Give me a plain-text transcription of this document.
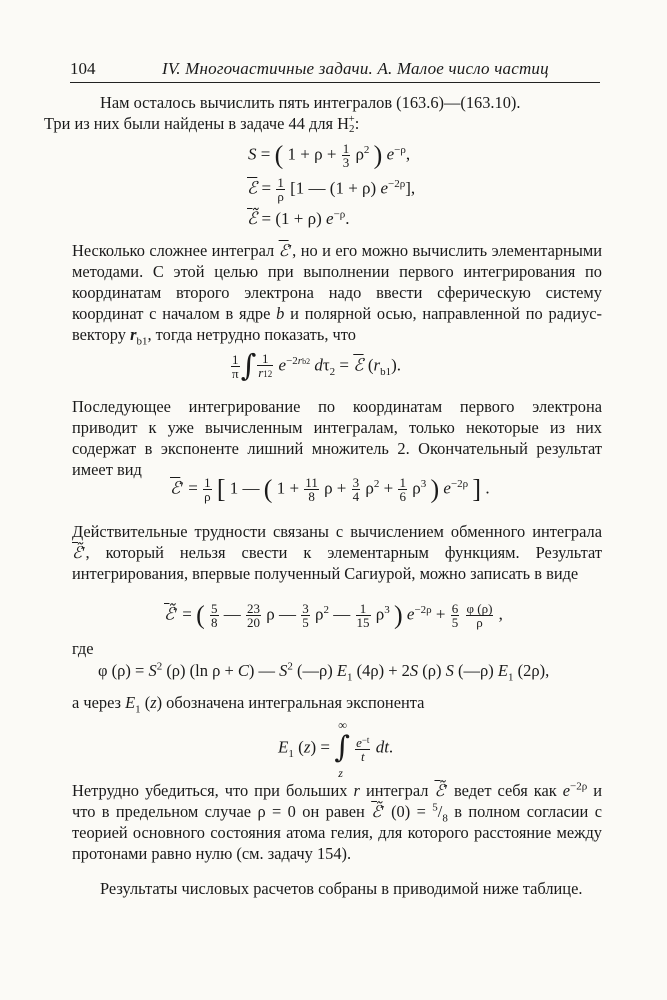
104	IV. Многочастичные задачи. А. Малое число частиц
Нам осталось вычислить пять интегралов (163.6)—(163.10).
Три из них были найдены в задаче 44 для $H_2^+$:
S = ( $1 + \rho + \frac{1}{3} \rho^2$ ) $e^{-\rho}$,
ℰ = $\frac{1}{\rho} [1$ — (1 + ρ) $e^{-2\rho}$],
ℰ̃ = (1 + ρ) $e^{-\rho}$.
Несколько сложнее интеграл ℰ′, но и его можно вычислить элементарными методами. С этой целью при выполнении первого интегрирования по координатам второго электрона надо ввести сферическую систему координат с началом в ядре b и полярной осью, направленной по радиус-вектору $r_{b1}$, тогда нетрудно показать, что
$\frac{1}{\pi}$ ∫ $\frac{1}{r12} e^{-2rb2}$ $d\tau_2$ = ℰ $(r_{b1})$.
Последующее интегрирование по координатам первого электрона приводит к уже вычисленным интегралам, только некоторые из них содержат в экспоненте лишний множитель 2. Окончательный результат имеет вид
ℰ′ = $\frac{1}{\rho}$ [ 1 — ( $1 + \frac{11}{8}$ $\rho + \frac{3}{4} \rho^2 + \frac{1}{6} \rho^3$ ) $e^{-2\rho}$ ] .
Действительные трудности связаны с вычислением обменного интеграла ℰ̃′, который нельзя свести к элементарным функциям. Результат интегрирования, впервые полученный Сагиурой, можно записать в виде
ℰ̃′ = ( $\frac{5}{8}$ — $\frac{23}{20}$ ρ — $\frac{3}{5} \rho^2$ — $\frac{1}{15} \rho^3$ ) $e^{-2\rho} + \frac{6}{5}$
$\frac{\varphi (\rho)}{\rho}$ ,
где
φ $(\rho) = S^2$ (ρ) (ln ρ + C) — $S^2$ (—ρ) $E_1$ (4ρ) + 2S (ρ) S (—ρ) $E_1$ (2ρ),
а через $E_1$ (z) обозначена интегральная экспонента
$E_1$ (z) =
∞
∫
z

$\frac{e^{-t}}{t}$ dt.
Нетрудно убедиться, что при больших r интеграл ℰ̃′ ведет себя как $e^{-2\rho}$ и что в предельном случае ρ = 0 он равен ℰ̃′ $(0) = ^5/_8$ в полном согласии с теорией основного состояния атома гелия, для которого расстояние между протонами равно нулю (см. задачу 154).
Результаты числовых расчетов собраны в приводимой ниже таблице.
